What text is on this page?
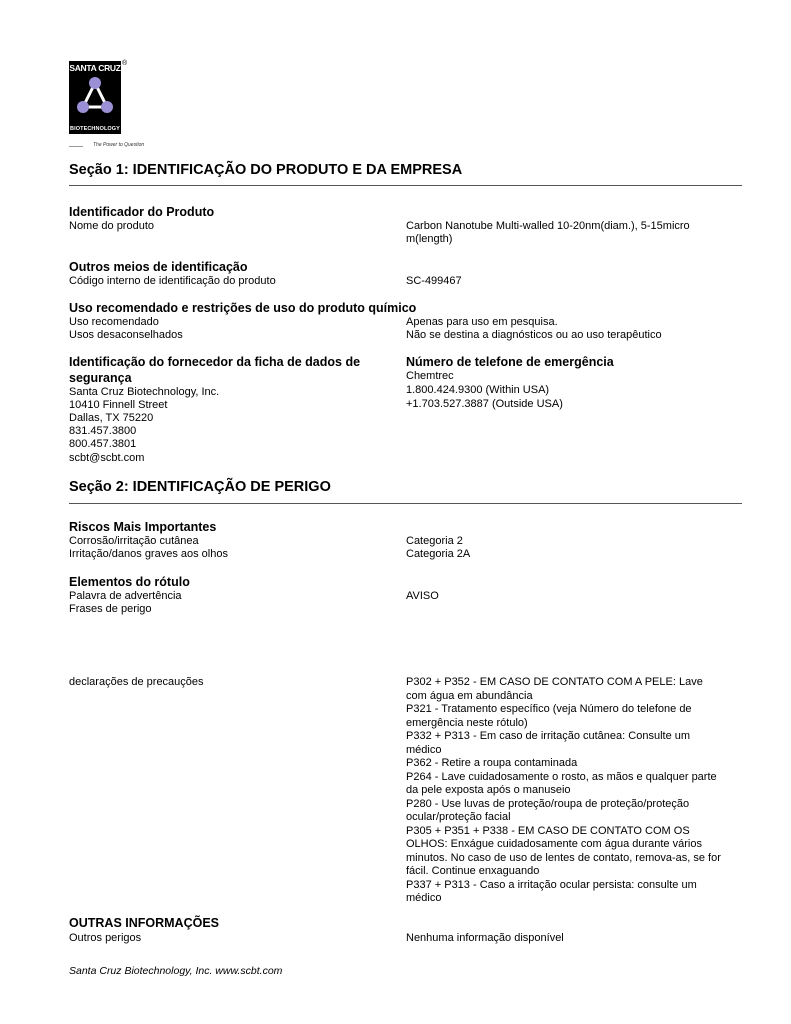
SANTA CRUZ
BIOTECHNOLOGY
®
The Power to Question
Seção 1: IDENTIFICAÇÃO DO PRODUTO E DA EMPRESA
Identificador do Produto
Nome do produto	Carbon Nanotube Multi-walled 10-20nm(diam.), 5-15micro
m(length)
Outros meios de identificação
Código interno de identificação do produto	SC-499467
Uso recomendado e restrições de uso do produto químico
Uso recomendado	Apenas para uso em pesquisa.
Usos desaconselhados	Não se destina a diagnósticos ou ao uso terapêutico
Identificação do fornecedor da ficha de dados de
segurança
Santa Cruz Biotechnology, Inc.
10410 Finnell Street
Dallas, TX 75220
831.457.3800
800.457.3801
scbt@scbt.com
Número de telefone de emergência
Chemtrec
1.800.424.9300 (Within USA)
+1.703.527.3887 (Outside USA)
Seção 2: IDENTIFICAÇÃO DE PERIGO
Riscos Mais Importantes
Corrosão/irritação cutânea	Categoria 2
Irritação/danos graves aos olhos	Categoria 2A
Elementos do rótulo
Palavra de advertência	AVISO
Frases de perigo
declarações de precauções	P302 + P352 - EM CASO DE CONTATO COM A PELE: Lave
com água em abundância
P321 - Tratamento específico (veja Número do telefone de
emergência neste rótulo)
P332 + P313 - Em caso de irritação cutânea: Consulte um
médico
P362 - Retire a roupa contaminada
P264 - Lave cuidadosamente o rosto, as mãos e qualquer parte
da pele exposta após o manuseio
P280 - Use luvas de proteção/roupa de proteção/proteção
ocular/proteção facial
P305 + P351 + P338 - EM CASO DE CONTATO COM OS
OLHOS: Enxágue cuidadosamente com água durante vários
minutos. No caso de uso de lentes de contato, remova-as, se for
fácil. Continue enxaguando
P337 + P313 - Caso a irritação ocular persista: consulte um
médico
OUTRAS INFORMAÇÕES
Outros perigos	Nenhuma informação disponível
Santa Cruz Biotechnology, Inc. www.scbt.com
